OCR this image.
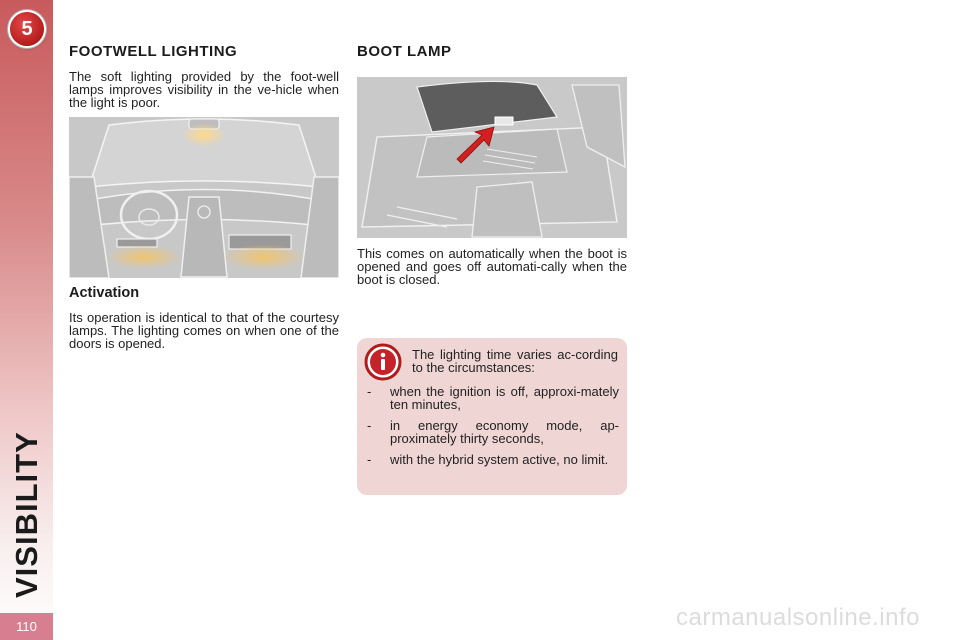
5
VISIBILITY
110
FOOTWELL LIGHTING

The soft lighting provided by the foot-well lamps improves visibility in the ve-hicle when the light is poor.

Activation

Its operation is identical to that of the courtesy lamps. The lighting comes on when one of the doors is opened.

BOOT LAMP

This comes on automatically when the boot is opened and goes off automati-cally when the boot is closed.

The lighting time varies ac-cording to the circumstances:

- when the ignition is off, approxi-mately ten minutes,
- in energy economy mode, ap-proximately thirty seconds,
- with the hybrid system active, no limit.
carmanualsonline.info
